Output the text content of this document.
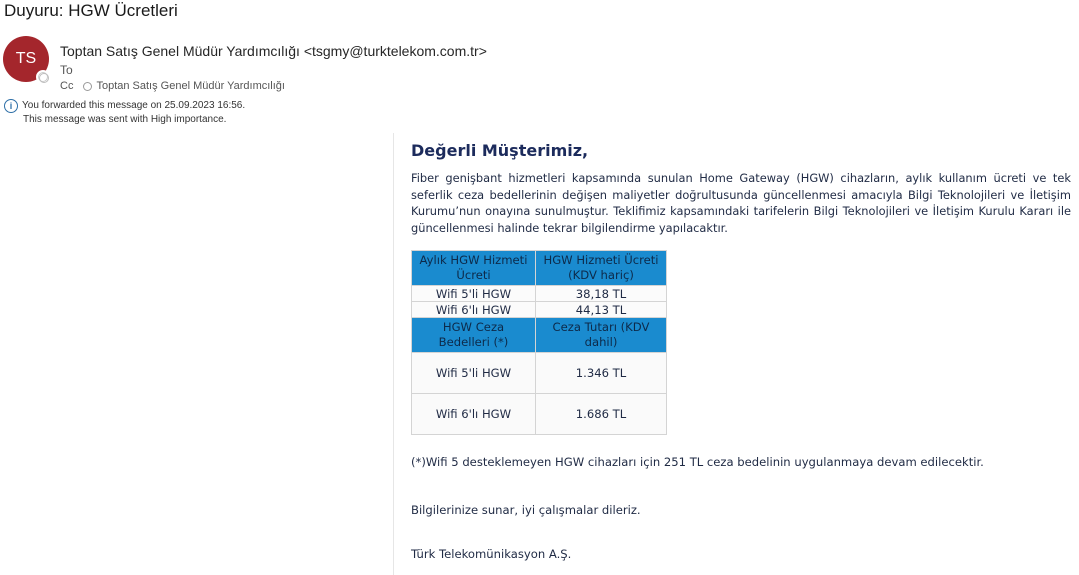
Duyuru: HGW Ücretleri
TS Toptan Satış Genel Müdür Yardımcılığı <tsgmy@turktelekom.com.tr>
To
Cc Toptan Satış Genel Müdür Yardımcılığı
i You forwarded this message on 25.09.2023 16:56.
This message was sent with High importance.
Değerli Müşterimiz,
Fiber genişbant hizmetleri kapsamında sunulan Home Gateway (HGW) cihazların, aylık kullanım ücreti ve tek seferlik ceza bedellerinin değişen maliyetler doğrultusunda güncellenmesi amacıyla Bilgi Teknolojileri ve İletişim Kurumu’nun onayına sunulmuştur. Teklifimiz kapsamındaki tarifelerin Bilgi Teknolojileri ve İletişim Kurulu Kararı ile güncellenmesi halinde tekrar bilgilendirme yapılacaktır.
Aylık HGW Hizmeti Ücreti	HGW Hizmeti Ücreti (KDV hariç)
Wifi 5'li HGW	38,18 TL
Wifi 6'lı HGW	44,13 TL
HGW Ceza Bedelleri (*)	Ceza Tutarı (KDV dahil)
Wifi 5'li HGW	1.346 TL
Wifi 6'lı HGW	1.686 TL
(*)Wifi 5 desteklemeyen HGW cihazları için 251 TL ceza bedelinin uygulanmaya devam edilecektir.
Bilgilerinize sunar, iyi çalışmalar dileriz.
Türk Telekomünikasyon A.Ş.
